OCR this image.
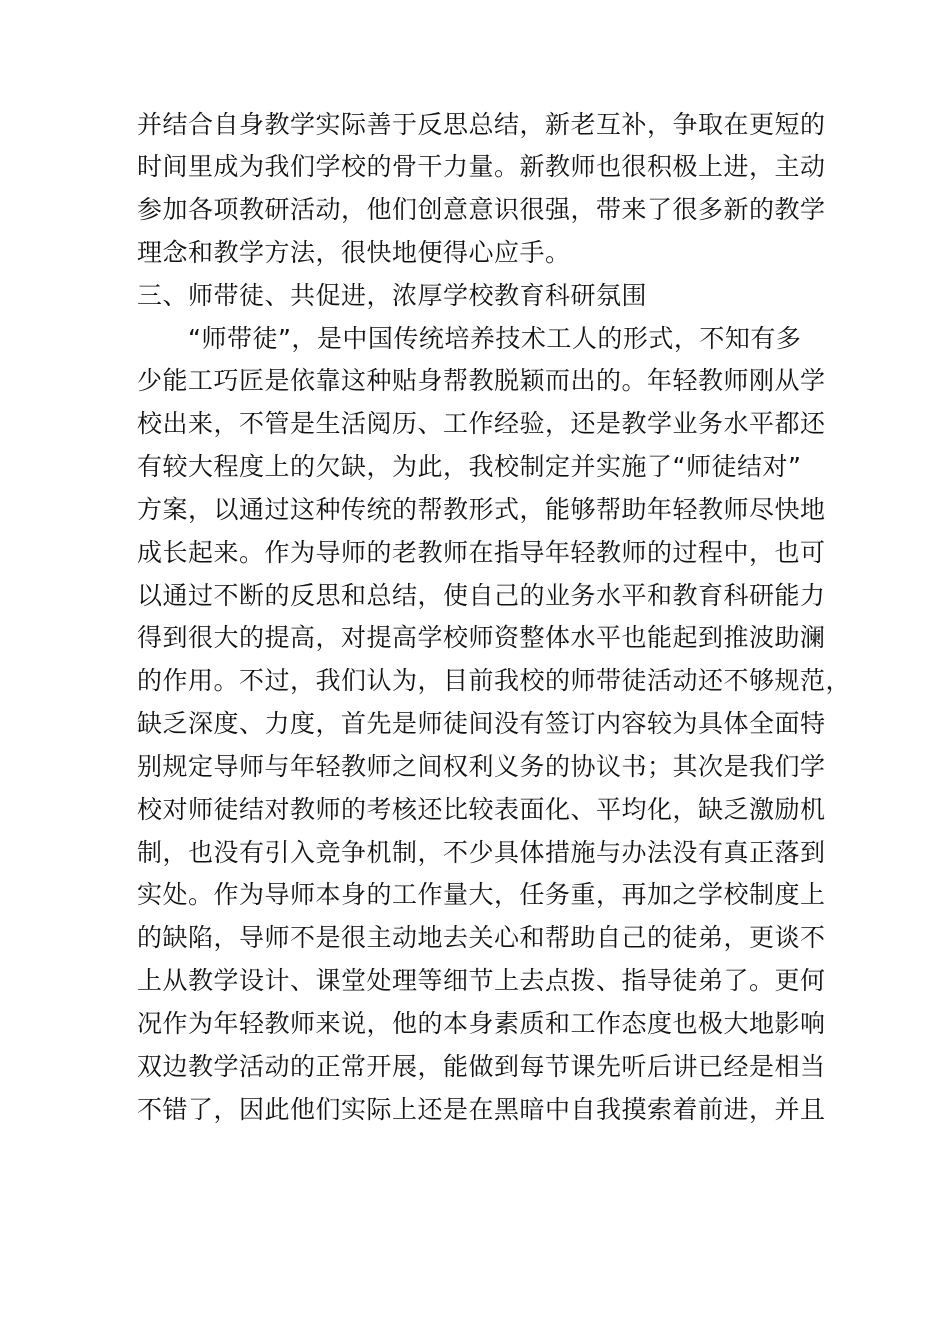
并结合自身教学实际善于反思总结，新老互补，争取在更短的
时间里成为我们学校的骨干力量。新教师也很积极上进，主动
参加各项教研活动，他们创意意识很强，带来了很多新的教学
理念和教学方法，很快地便得心应手。
三、师带徒、共促进，浓厚学校教育科研氛围
“师带徒”，是中国传统培养技术工人的形式，不知有多
少能工巧匠是依靠这种贴身帮教脱颖而出的。年轻教师刚从学
校出来，不管是生活阅历、工作经验，还是教学业务水平都还
有较大程度上的欠缺，为此，我校制定并实施了“师徒结对”
方案，以通过这种传统的帮教形式，能够帮助年轻教师尽快地
成长起来。作为导师的老教师在指导年轻教师的过程中，也可
以通过不断的反思和总结，使自己的业务水平和教育科研能力
得到很大的提高，对提高学校师资整体水平也能起到推波助澜
的作用。不过，我们认为，目前我校的师带徒活动还不够规范，
缺乏深度、力度，首先是师徒间没有签订内容较为具体全面特
别规定导师与年轻教师之间权利义务的协议书；其次是我们学
校对师徒结对教师的考核还比较表面化、平均化，缺乏激励机
制，也没有引入竞争机制，不少具体措施与办法没有真正落到
实处。作为导师本身的工作量大，任务重，再加之学校制度上
的缺陷，导师不是很主动地去关心和帮助自己的徒弟，更谈不
上从教学设计、课堂处理等细节上去点拨、指导徒弟了。更何
况作为年轻教师来说，他的本身素质和工作态度也极大地影响
双边教学活动的正常开展，能做到每节课先听后讲已经是相当
不错了，因此他们实际上还是在黑暗中自我摸索着前进，并且
